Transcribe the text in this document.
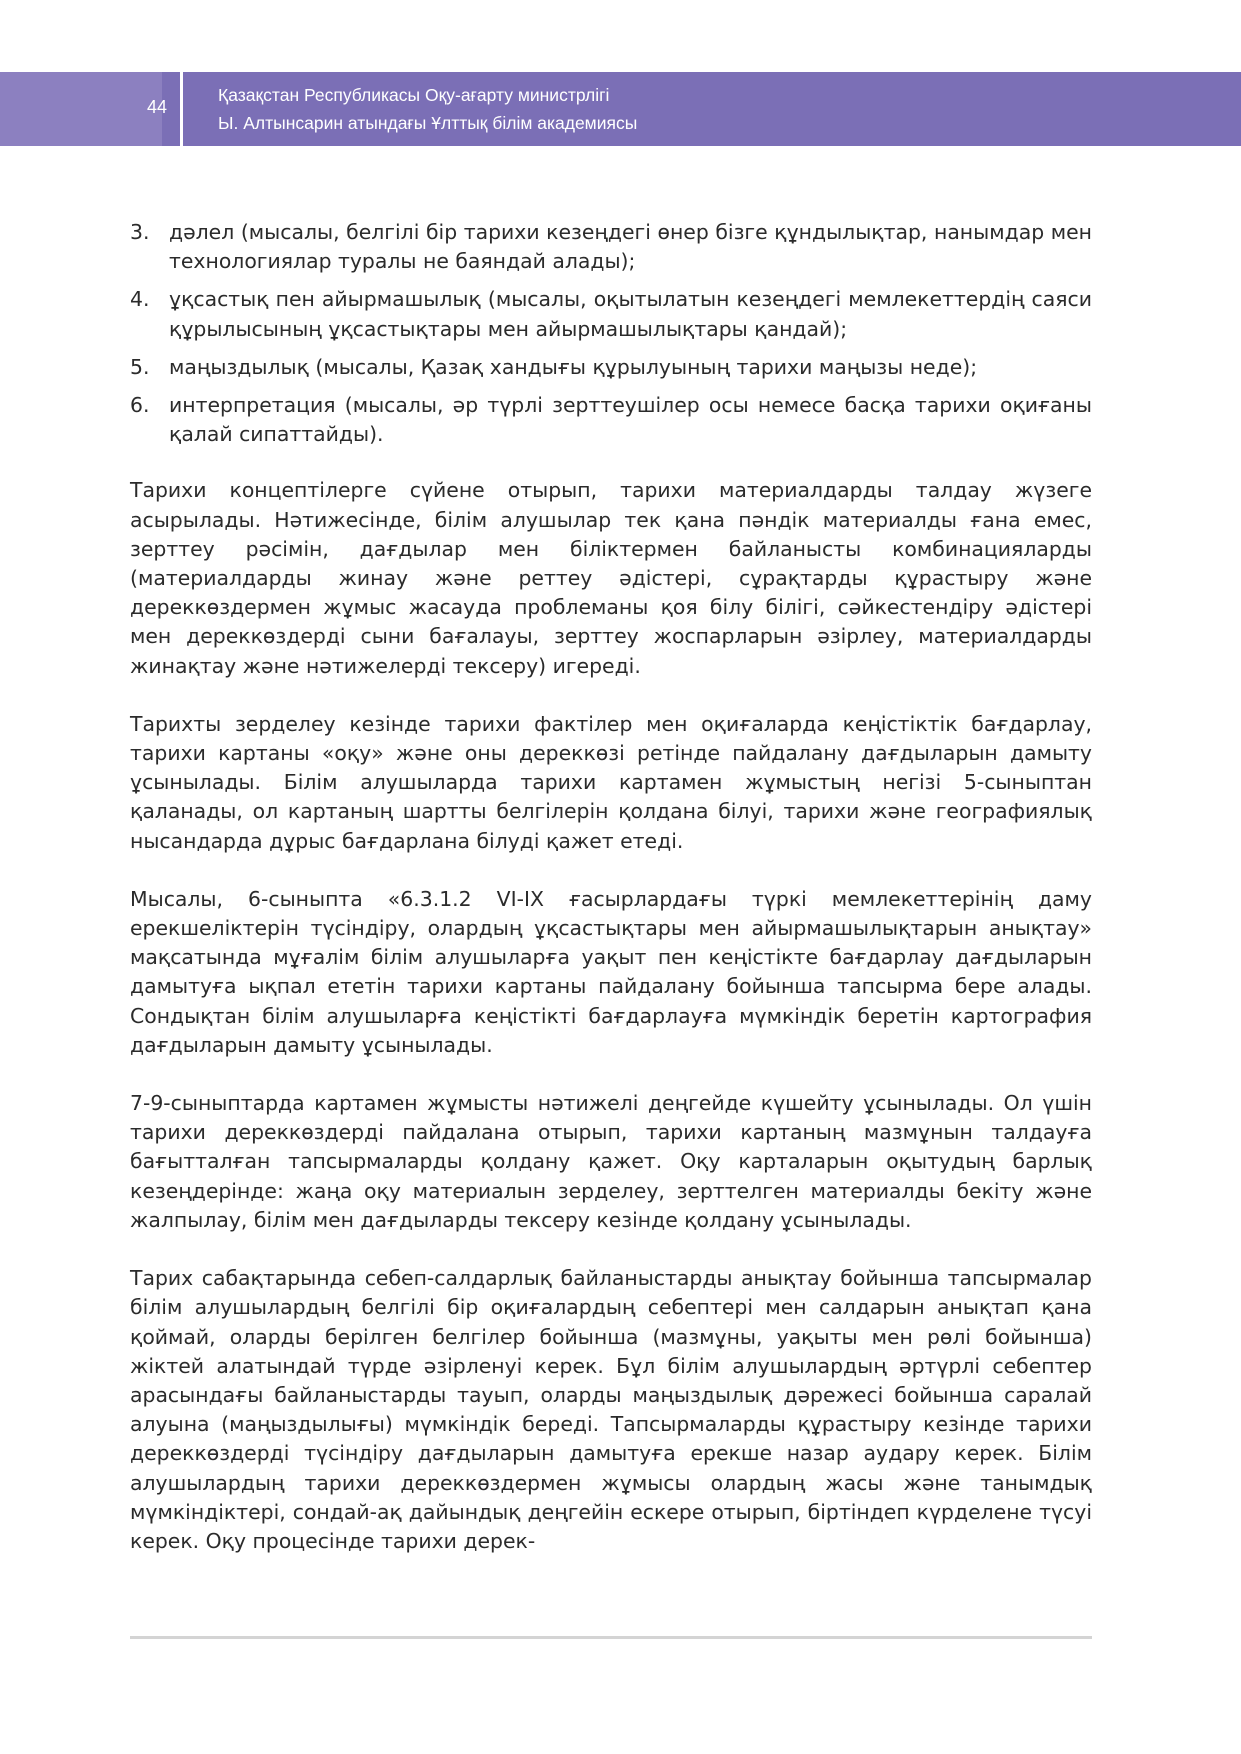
44
Қазақстан Республикасы Оқу-ағарту министрлігі
Ы. Алтынсарин атындағы Ұлттық білім академиясы
3. дәлел (мысалы, белгілі бір тарихи кезеңдегі өнер бізге құндылықтар, нанымдар мен технологиялар туралы не баяндай алады);
4. ұқсастық пен айырмашылық (мысалы, оқытылатын кезеңдегі мемлекеттердің саяси құрылысының ұқсастықтары мен айырмашылықтары қандай);
5. маңыздылық (мысалы, Қазақ хандығы құрылуының тарихи маңызы неде);
6. интерпретация (мысалы, әр түрлі зерттеушілер осы немесе басқа тарихи оқиғаны қалай сипаттайды).

Тарихи концептілерге сүйене отырып, тарихи материалдарды талдау жүзеге асырылады. Нәтижесінде, білім алушылар тек қана пәндік материалды ғана емес, зерттеу рәсімін, дағдылар мен біліктермен байланысты комбинацияларды (материалдарды жинау және реттеу әдістері, сұрақтарды құрастыру және дереккөздермен жұмыс жасауда проблеманы қоя білу білігі, сәйкестендіру әдістері мен дереккөздерді сыни бағалауы, зерттеу жоспарларын әзірлеу, материалдарды жинақтау және нәтижелерді тексеру) игереді.

Тарихты зерделеу кезінде тарихи фактілер мен оқиғаларда кеңістіктік бағдарлау, тарихи картаны «оқу» және оны дереккөзі ретінде пайдалану дағдыларын дамыту ұсынылады. Білім алушыларда тарихи картамен жұмыстың негізі 5-сыныптан қаланады, ол картаның шартты белгілерін қолдана білуі, тарихи және географиялық нысандарда дұрыс бағдарлана білуді қажет етеді.

Мысалы, 6-сыныпта «6.3.1.2 VI-IX ғасырлардағы түркі мемлекеттерінің даму ерекшеліктерін түсіндіру, олардың ұқсастықтары мен айырмашылықтарын анықтау» мақсатында мұғалім білім алушыларға уақыт пен кеңістікте бағдарлау дағдыларын дамытуға ықпал ететін тарихи картаны пайдалану бойынша тапсырма бере алады. Сондықтан білім алушыларға кеңістікті бағдарлауға мүмкіндік беретін картография дағдыларын дамыту ұсынылады.

7-9-сыныптарда картамен жұмысты нәтижелі деңгейде күшейту ұсынылады. Ол үшін тарихи дереккөздерді пайдалана отырып, тарихи картаның мазмұнын талдауға бағытталған тапсырмаларды қолдану қажет. Оқу карталарын оқытудың барлық кезеңдерінде: жаңа оқу материалын зерделеу, зерттелген материалды бекіту және жалпылау, білім мен дағдыларды тексеру кезінде қолдану ұсынылады.

Тарих сабақтарында себеп-салдарлық байланыстарды анықтау бойынша тапсырмалар білім алушылардың белгілі бір оқиғалардың себептері мен салдарын анықтап қана қоймай, оларды берілген белгілер бойынша (мазмұны, уақыты мен рөлі бойынша) жіктей алатындай түрде әзірленуі керек. Бұл білім алушылардың әртүрлі себептер арасындағы байланыстарды тауып, оларды маңыздылық дәрежесі бойынша саралай алуына (маңыздылығы) мүмкіндік береді. Тапсырмаларды құрастыру кезінде тарихи дереккөздерді түсіндіру дағдыларын дамытуға ерекше назар аудару керек. Білім алушылардың тарихи дереккөздермен жұмысы олардың жасы және танымдық мүмкіндіктері, сондай-ақ дайындық деңгейін ескере отырып, біртіндеп күрделене түсуі керек. Оқу процесінде тарихи дерек-
